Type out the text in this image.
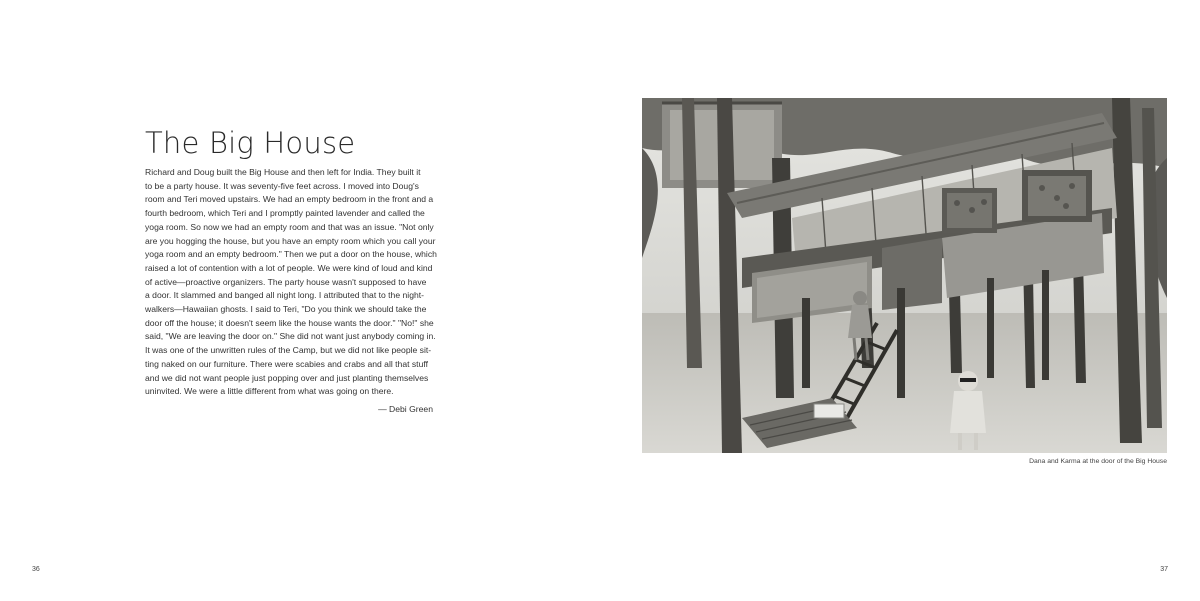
The Big House
Richard and Doug built the Big House and then left for India. They built it
to be a party house. It was seventy-five feet across. I moved into Doug's
room and Teri moved upstairs. We had an empty bedroom in the front and a
fourth bedroom, which Teri and I promptly painted lavender and called the
yoga room. So now we had an empty room and that was an issue. "Not only
are you hogging the house, but you have an empty room which you call your
yoga room and an empty bedroom." Then we put a door on the house, which
raised a lot of contention with a lot of people. We were kind of loud and kind
of active—proactive organizers. The party house wasn't supposed to have
a door. It slammed and banged all night long. I attributed that to the night-
walkers—Hawaiian ghosts. I said to Teri, "Do you think we should take the
door off the house; it doesn't seem like the house wants the door." "No!" she
said, "We are leaving the door on." She did not want just anybody coming in.
It was one of the unwritten rules of the Camp, but we did not like people sit-
ting naked on our furniture. There were scabies and crabs and all that stuff
and we did not want people just popping over and just planting themselves
uninvited. We were a little different from what was going on there.
— Debi Green
36
Dana and Karma at the door of the Big House
37
